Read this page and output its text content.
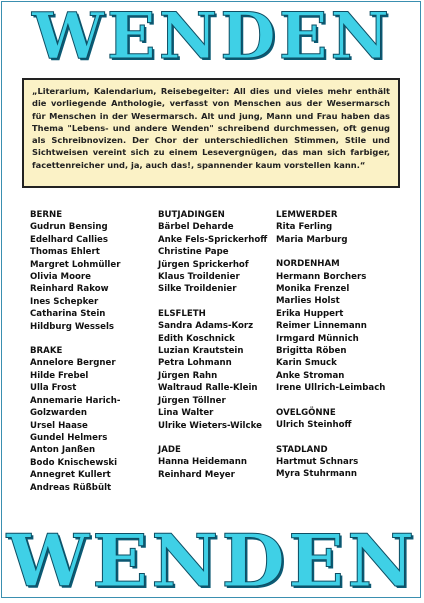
WENDEN
„Literarium, Kalendarium, Reisebegeiter: All dies und vieles mehr enthält die vorliegende Anthologie, verfasst von Menschen aus der Wesermarsch für Menschen in der Wesermarsch. Alt und jung, Mann und Frau haben das Thema "Lebens- und andere Wenden" schreibend durchmessen, oft genug als Schreibnovizen. Der Chor der unterschiedlichen Stimmen, Stile und Sichtweisen vereint sich zu einem Lesevergnügen, das man sich farbiger, facettenreicher und, ja, auch das!, spannender kaum vorstellen kann.“
BERNE
Gudrun Bensing
Edelhard Callies
Thomas Ehlert
Margret Lohmüller
Olivia Moore
Reinhard Rakow
Ines Schepker
Catharina Stein
Hildburg Wessels
BRAKE
Annelore Bergner
Hilde Frebel
Ulla Frost
Annemarie Harich-
Golzwarden
Ursel Haase
Gundel Helmers
Anton Janßen
Bodo Knischewski
Annegret Kullert
Andreas Rüßbült
BUTJADINGEN
Bärbel Deharde
Anke Fels-Sprickerhoff
Christine Pape
Jürgen Sprickerhof
Klaus Troildenier
Silke Troildenier
ELSFLETH
Sandra Adams-Korz
Edith Koschnick
Luzian Krautstein
Petra Lohmann
Jürgen Rahn
Waltraud Ralle-Klein
Jürgen Töllner
Lina Walter
Ulrike Wieters-Wilcke
JADE
Hanna Heidemann
Reinhard Meyer
LEMWERDER
Rita Ferling
Maria Marburg
NORDENHAM
Hermann Borchers
Monika Frenzel
Marlies Holst
Erika Huppert
Reimer Linnemann
Irmgard Münnich
Brigitta Röben
Karin Smuck
Anke Stroman
Irene Ullrich-Leimbach
OVELGÖNNE
Ulrich Steinhoff
STADLAND
Hartmut Schnars
Myra Stuhrmann
WENDEN
